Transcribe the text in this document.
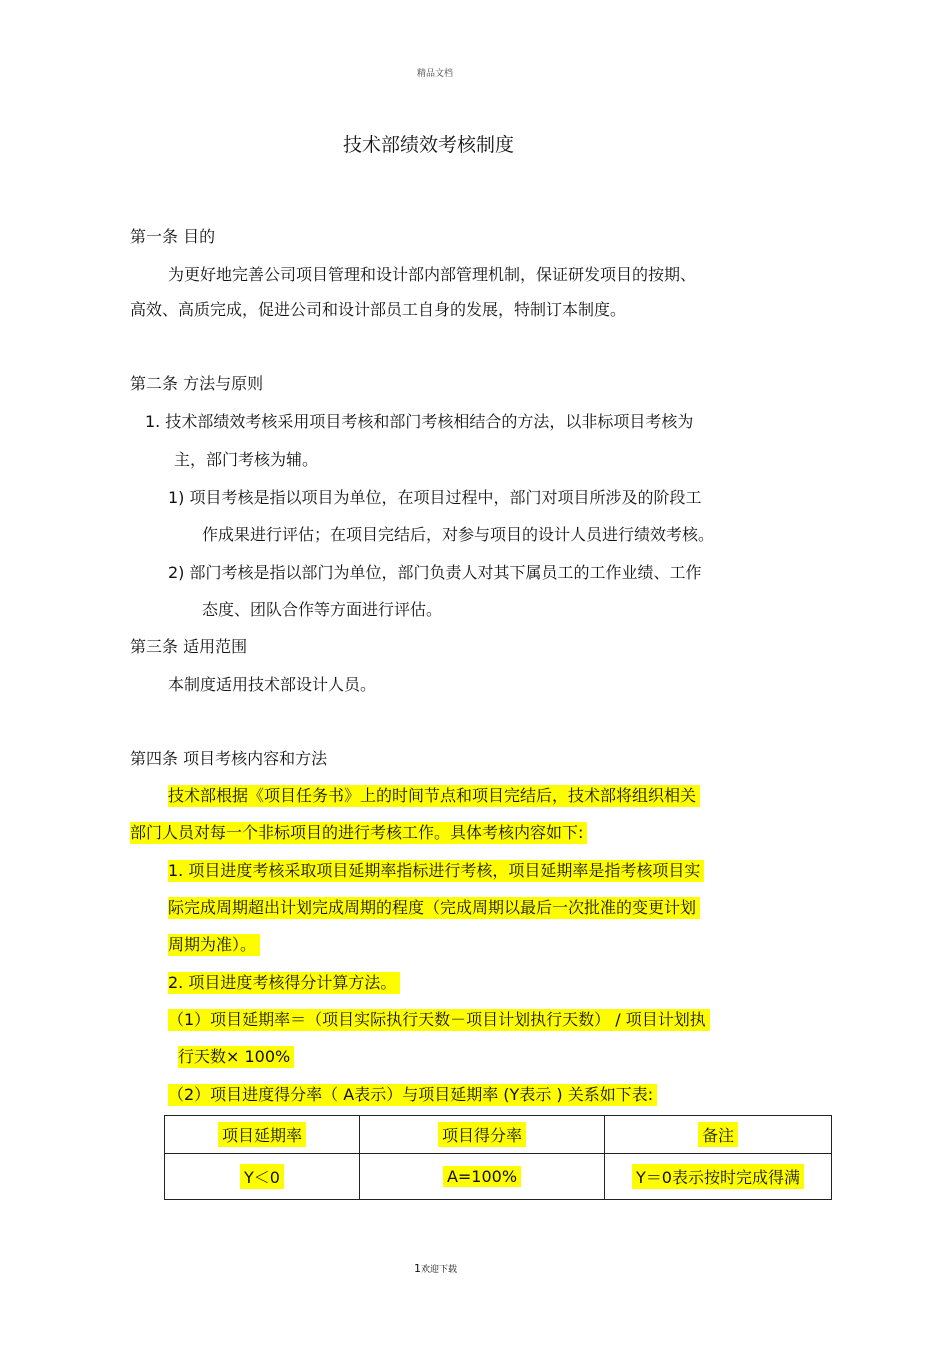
精品文档
技术部绩效考核制度
第一条 目的
为更好地完善公司项目管理和设计部内部管理机制，保证研发项目的按期、
高效、高质完成，促进公司和设计部员工自身的发展，特制订本制度。
第二条 方法与原则
1. 技术部绩效考核采用项目考核和部门考核相结合的方法，以非标项目考核为
主，部门考核为辅。
1) 项目考核是指以项目为单位，在项目过程中，部门对项目所涉及的阶段工
作成果进行评估；在项目完结后，对参与项目的设计人员进行绩效考核。
2) 部门考核是指以部门为单位，部门负责人对其下属员工的工作业绩、工作
态度、团队合作等方面进行评估。
第三条 适用范围
本制度适用技术部设计人员。
第四条 项目考核内容和方法
技术部根据《项目任务书》上的时间节点和项目完结后，技术部将组织相关
部门人员对每一个非标项目的进行考核工作。具体考核内容如下:
1. 项目进度考核采取项目延期率指标进行考核，项目延期率是指考核项目实
际完成周期超出计划完成周期的程度（完成周期以最后一次批准的变更计划
周期为准）。
2. 项目进度考核得分计算方法。
（1）项目延期率＝（项目实际执行天数－项目计划执行天数） / 项目计划执
行天数× 100%
（2）项目进度得分率（ A表示）与项目延期率 (Y表示 ) 关系如下表:
项目延期率	项目得分率	备注
Y＜0	A=100%	Y＝0表示按时完成得满
1欢迎下载
